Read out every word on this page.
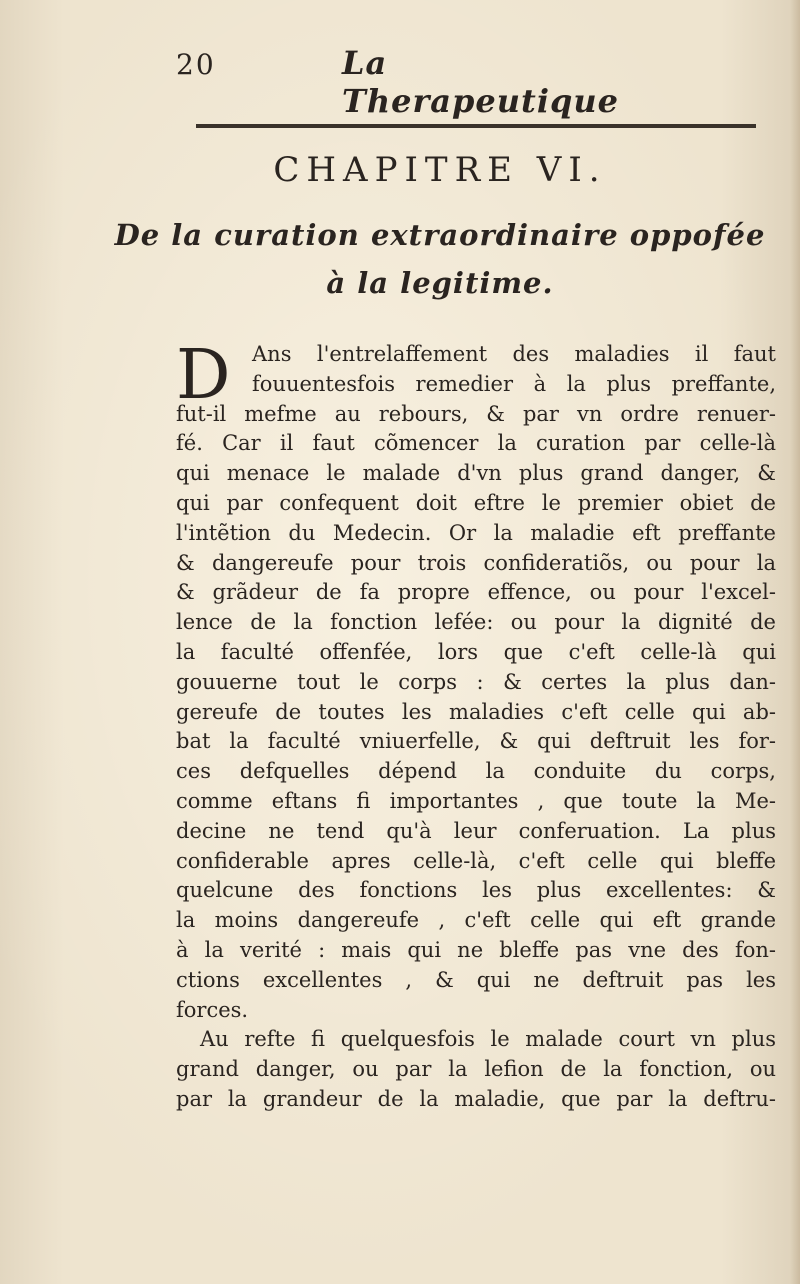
20	La Therapeutique
CHAPITRE VI.
De la curation extraordinaire oppofée
à la legitime.
D	Ans l'entrelaffement des maladies il faut
fouuentesfois remedier à la plus preffante,
fut-il mefme au rebours, & par vn ordre renuer-
fé. Car il faut cõmencer la curation par celle-là
qui menace le malade d'vn plus grand danger, &
qui par confequent doit eftre le premier obiet de
l'intẽtion du Medecin. Or la maladie eft preffante
& dangereufe pour trois confideratiõs, ou pour la
& grãdeur de fa propre effence, ou pour l'excel-
lence de la fonction lefée: ou pour la dignité de
la faculté offenfée, lors que c'eft celle-là qui
gouuerne tout le corps : & certes la plus dan-
gereufe de toutes les maladies c'eft celle qui ab-
bat la faculté vniuerfelle, & qui deftruit les for-
ces defquelles dépend la conduite du corps,
comme eftans fi importantes , que toute la Me-
decine ne tend qu'à leur conferuation. La plus
confiderable apres celle-là, c'eft celle qui bleffe
quelcune des fonctions les plus excellentes: &
la moins dangereufe , c'eft celle qui eft grande
à la verité : mais qui ne bleffe pas vne des fon-
ctions excellentes , & qui ne deftruit pas les
forces.
Au refte fi quelquesfois le malade court vn plus
grand danger, ou par la lefion de la fonction, ou
par la grandeur de la maladie, que par la deftru-
